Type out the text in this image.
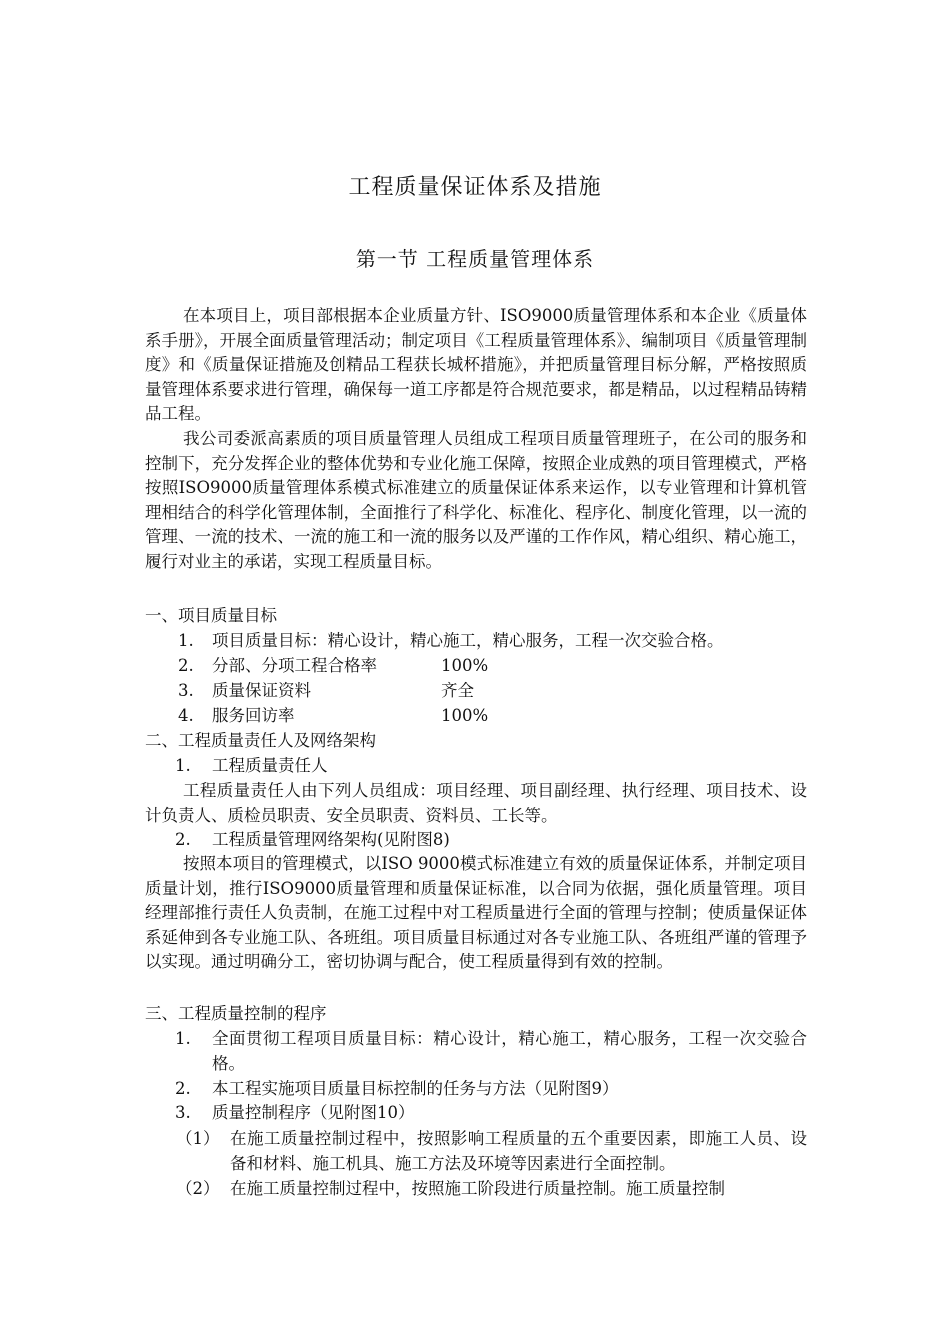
工程质量保证体系及措施
第一节 工程质量管理体系

在本项目上，项目部根据本企业质量方针、ISO9000质量管理体系和本企业《质量体系手册》，开展全面质量管理活动；制定项目《工程质量管理体系》、编制项目《质量管理制度》和《质量保证措施及创精品工程获长城杯措施》，并把质量管理目标分解，严格按照质量管理体系要求进行管理，确保每一道工序都是符合规范要求，都是精品，以过程精品铸精品工程。

我公司委派高素质的项目质量管理人员组成工程项目质量管理班子，在公司的服务和控制下，充分发挥企业的整体优势和专业化施工保障，按照企业成熟的项目管理模式，严格按照ISO9000质量管理体系模式标准建立的质量保证体系来运作，以专业管理和计算机管理相结合的科学化管理体制，全面推行了科学化、标准化、程序化、制度化管理，以一流的管理、一流的技术、一流的施工和一流的服务以及严谨的工作作风，精心组织、精心施工，履行对业主的承诺，实现工程质量目标。

一、项目质量目标
1. 项目质量目标：精心设计，精心施工，精心服务，工程一次交验合格。
2. 分部、分项工程合格率	100%
3. 质量保证资料	齐全
4. 服务回访率	100%
二、工程质量责任人及网络架构
1. 工程质量责任人

工程质量责任人由下列人员组成：项目经理、项目副经理、执行经理、项目技术、设计负责人、质检员职责、安全员职责、资料员、工长等。

2. 工程质量管理网络架构(见附图8)

按照本项目的管理模式，以ISO 9000模式标准建立有效的质量保证体系，并制定项目质量计划，推行ISO9000质量管理和质量保证标准，以合同为依据，强化质量管理。项目经理部推行责任人负责制，在施工过程中对工程质量进行全面的管理与控制；使质量保证体系延伸到各专业施工队、各班组。项目质量目标通过对各专业施工队、各班组严谨的管理予以实现。通过明确分工，密切协调与配合，使工程质量得到有效的控制。

三、工程质量控制的程序
1. 全面贯彻工程项目质量目标：精心设计，精心施工，精心服务，工程一次交验合格。
2. 本工程实施项目质量目标控制的任务与方法（见附图9）
3. 质量控制程序（见附图10）
（1） 在施工质量控制过程中，按照影响工程质量的五个重要因素，即施工人员、设备和材料、施工机具、施工方法及环境等因素进行全面控制。
（2） 在施工质量控制过程中，按照施工阶段进行质量控制。施工质量控制
